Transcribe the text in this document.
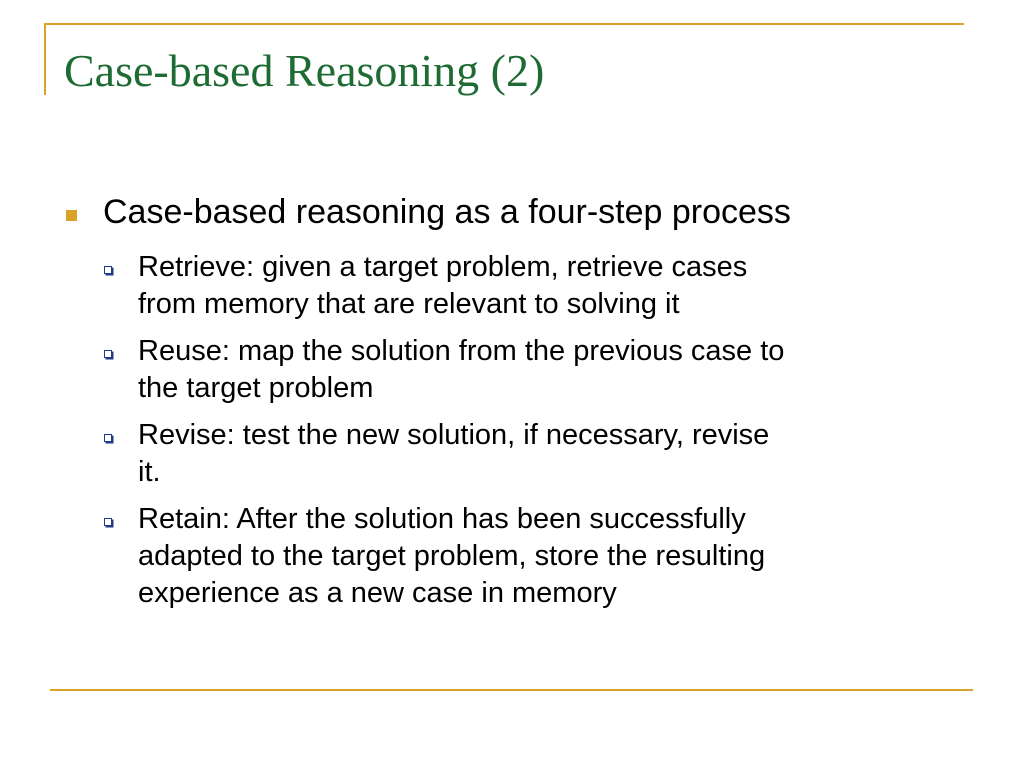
Case-based Reasoning (2)
Case-based reasoning as a four-step process
Retrieve: given a target problem, retrieve cases
from memory that are relevant to solving it
Reuse: map the solution from the previous case to
the target problem
Revise: test the new solution, if necessary, revise
it.
Retain: After the solution has been successfully
adapted to the target problem, store the resulting
experience as a new case in memory
